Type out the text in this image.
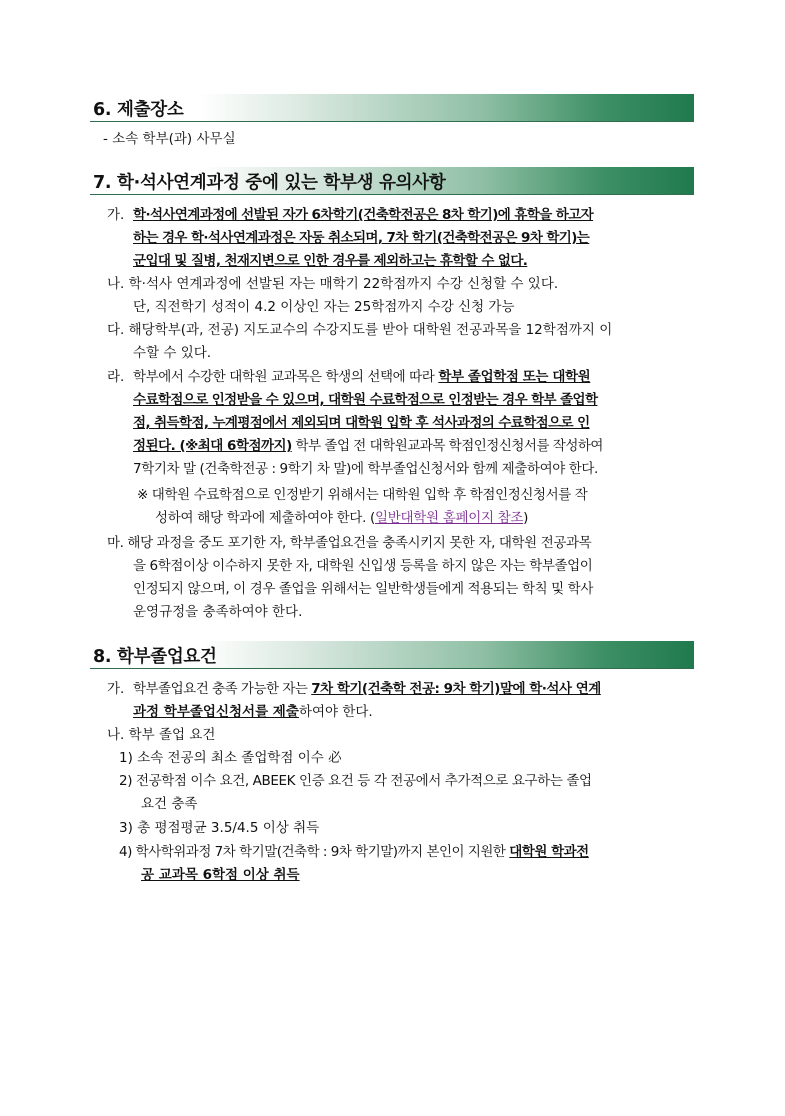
6. 제출장소
- 소속 학부(과) 사무실
7. 학·석사연계과정 중에 있는 학부생 유의사항
가. 학·석사연계과정에 선발된 자가 6차학기(건축학전공은 8차 학기)에 휴학을 하고자
하는 경우 학·석사연계과정은 자동 취소되며, 7차 학기(건축학전공은 9차 학기)는
군입대 및 질병, 천재지변으로 인한 경우를 제외하고는 휴학할 수 없다.
나. 학·석사 연계과정에 선발된 자는 매학기 22학점까지 수강 신청할 수 있다.
단, 직전학기 성적이 4.2 이상인 자는 25학점까지 수강 신청 가능
다. 해당학부(과, 전공) 지도교수의 수강지도를 받아 대학원 전공과목을 12학점까지 이
수할 수 있다.
라. 학부에서 수강한 대학원 교과목은 학생의 선택에 따라 학부 졸업학점 또는 대학원
수료학점으로 인정받을 수 있으며, 대학원 수료학점으로 인정받는 경우 학부 졸업학
점, 취득학점, 누계평점에서 제외되며 대학원 입학 후 석사과정의 수료학점으로 인
정된다. (※최대 6학점까지) 학부 졸업 전 대학원교과목 학점인정신청서를 작성하여
7학기차 말 (건축학전공 : 9학기 차 말)에 학부졸업신청서와 함께 제출하여야 한다.
※ 대학원 수료학점으로 인정받기 위해서는 대학원 입학 후 학점인정신청서를 작
성하여 해당 학과에 제출하여야 한다. (일반대학원 홈페이지 참조)
마. 해당 과정을 중도 포기한 자, 학부졸업요건을 충족시키지 못한 자, 대학원 전공과목
을 6학점이상 이수하지 못한 자, 대학원 신입생 등록을 하지 않은 자는 학부졸업이
인정되지 않으며, 이 경우 졸업을 위해서는 일반학생들에게 적용되는 학칙 및 학사
운영규정을 충족하여야 한다.
8. 학부졸업요건
가. 학부졸업요건 충족 가능한 자는 7차 학기(건축학 전공: 9차 학기)말에 학·석사 연계
과정 학부졸업신청서를 제출하여야 한다.
나. 학부 졸업 요건
1) 소속 전공의 최소 졸업학점 이수 必
2) 전공학점 이수 요건, ABEEK 인증 요건 등 각 전공에서 추가적으로 요구하는 졸업
요건 충족
3) 총 평점평균 3.5/4.5 이상 취득
4) 학사학위과정 7차 학기말(건축학 : 9차 학기말)까지 본인이 지원한 대학원 학과전
공 교과목 6학점 이상 취득
